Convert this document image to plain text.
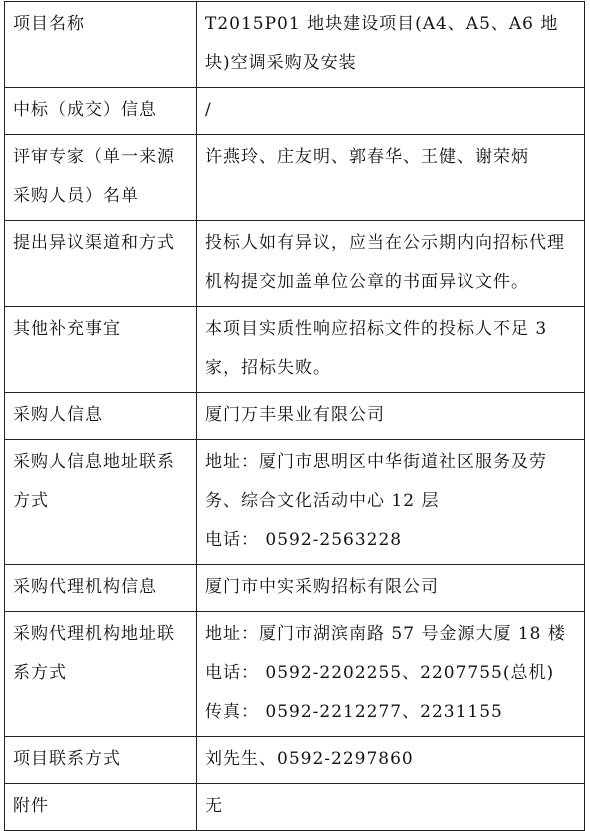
项目名称	T2015P01 地块建设项目(A4、A5、A6 地块)空调采购及安装

中标（成交）信息	/

评审专家（单一来源采购人员）名单	许燕玲、庄友明、郭春华、王健、谢荣炳

提出异议渠道和方式	投标人如有异议，应当在公示期内向招标代理机构提交加盖单位公章的书面异议文件。

其他补充事宜	本项目实质性响应招标文件的投标人不足 3 家，招标失败。

采购人信息	厦门万丰果业有限公司

采购人信息地址联系方式	地址：厦门市思明区中华街道社区服务及劳务、综合文化活动中心 12 层
电话： 0592-2563228

采购代理机构信息	厦门市中实采购招标有限公司

采购代理机构地址联系方式	地址：厦门市湖滨南路 57 号金源大厦 18 楼
电话： 0592-2202255、2207755(总机)
传真： 0592-2212277、2231155

项目联系方式	刘先生、0592-2297860

附件	无
